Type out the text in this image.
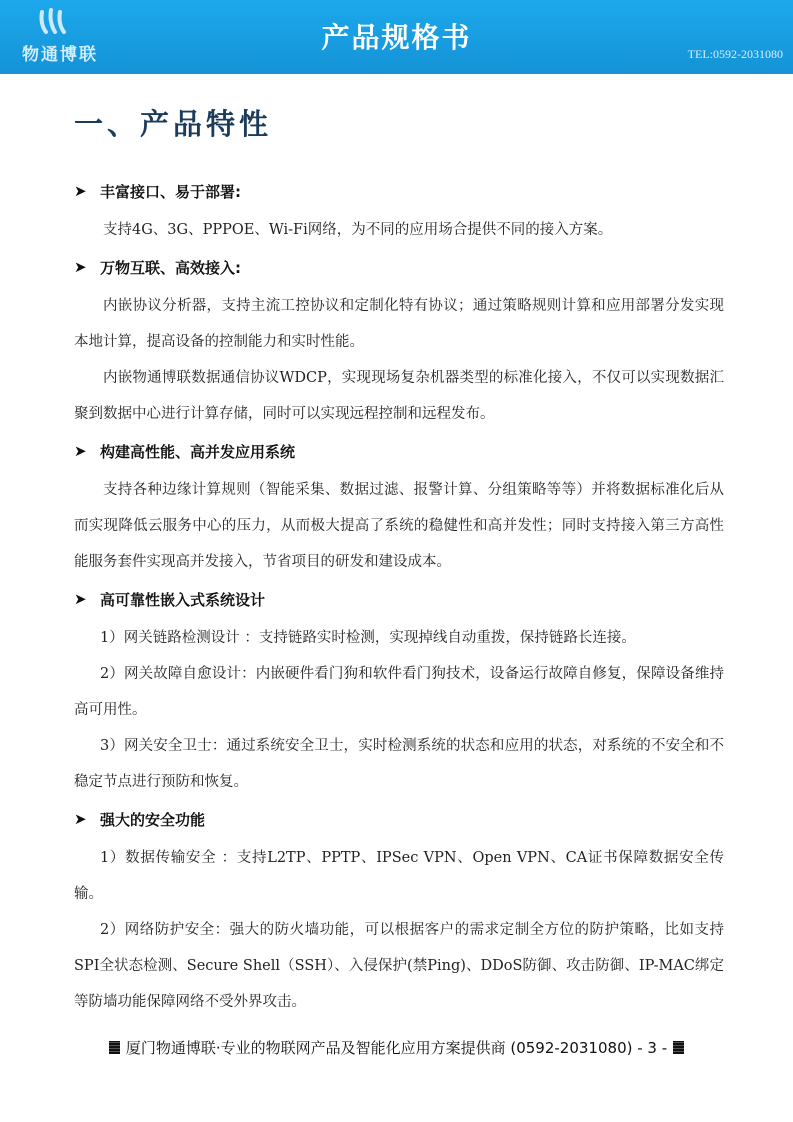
物通博联
产品规格书	TEL:0592-2031080
一、产品特性
➤ 丰富接口、易于部署:

支持4G、3G、PPPOE、Wi-Fi网络，为不同的应用场合提供不同的接入方案。

➤ 万物互联、高效接入:

内嵌协议分析器，支持主流工控协议和定制化特有协议；通过策略规则计算和应用部署分发实现本地计算，提高设备的控制能力和实时性能。

内嵌物通博联数据通信协议WDCP，实现现场复杂机器类型的标准化接入，不仅可以实现数据汇聚到数据中心进行计算存储，同时可以实现远程控制和远程发布。

➤ 构建高性能、高并发应用系统

支持各种边缘计算规则（智能采集、数据过滤、报警计算、分组策略等等）并将数据标准化后从而实现降低云服务中心的压力，从而极大提高了系统的稳健性和高并发性；同时支持接入第三方高性能服务套件实现高并发接入，节省项目的研发和建设成本。

➤ 高可靠性嵌入式系统设计

1）网关链路检测设计 ：支持链路实时检测，实现掉线自动重拨，保持链路长连接。

2）网关故障自愈设计：内嵌硬件看门狗和软件看门狗技术，设备运行故障自修复，保障设备维持高可用性。

3）网关安全卫士：通过系统安全卫士，实时检测系统的状态和应用的状态，对系统的不安全和不稳定节点进行预防和恢复。

➤ 强大的安全功能

1）数据传输安全 ：支持L2TP、PPTP、IPSec VPN、Open VPN、CA证书保障数据安全传输。

2）网络防护安全：强大的防火墙功能，可以根据客户的需求定制全方位的防护策略，比如支持SPI全状态检测、Secure Shell（SSH）、入侵保护(禁Ping)、DDoS防御、攻击防御、IP-MAC绑定等防墙功能保障网络不受外界攻击。

厦门物通博联·专业的物联网产品及智能化应用方案提供商 (0592-2031080) - 3 -
